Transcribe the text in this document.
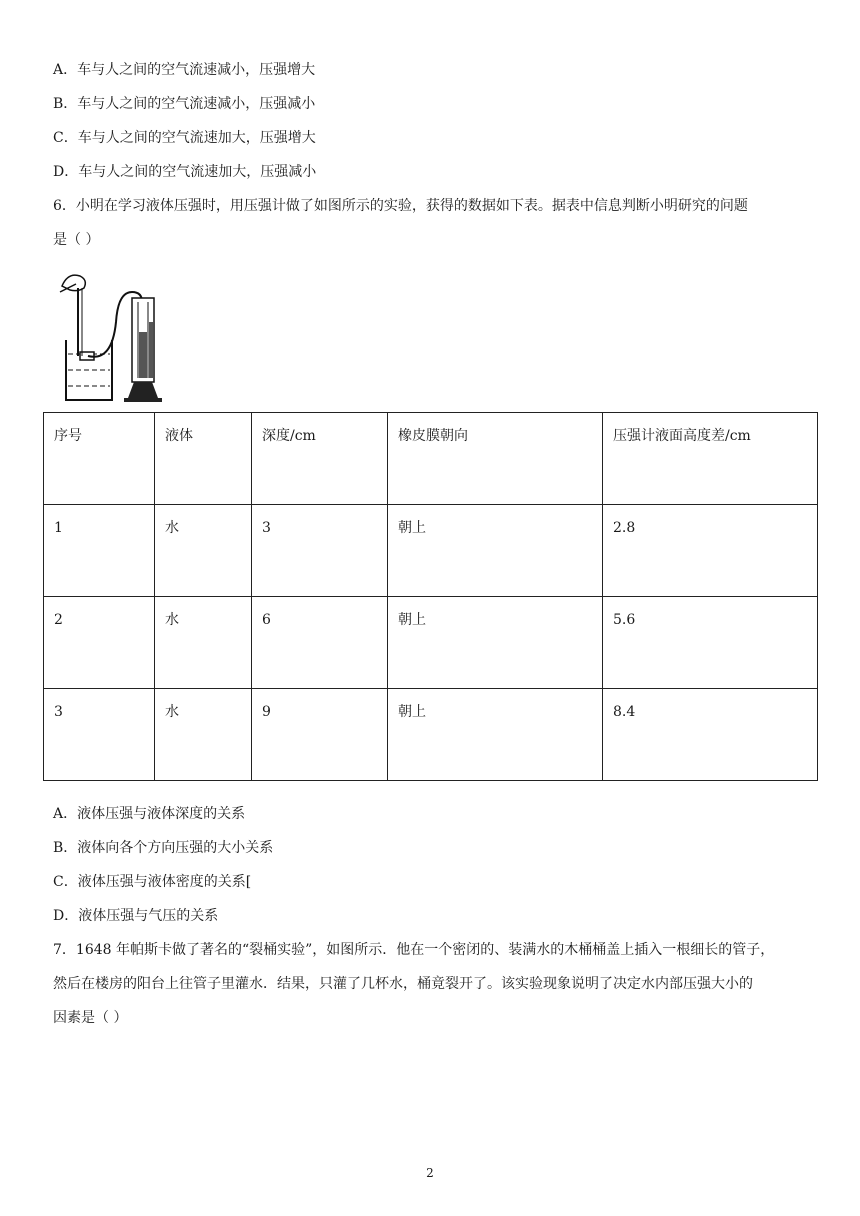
A．车与人之间的空气流速减小，压强增大
B．车与人之间的空气流速减小，压强减小
C．车与人之间的空气流速加大，压强增大
D．车与人之间的空气流速加大，压强减小
6．小明在学习液体压强时，用压强计做了如图所示的实验，获得的数据如下表。据表中信息判断小明研究的问题
是（ ）
序号	液体	深度/cm	橡皮膜朝向	压强计液面高度差/cm
1	水	3	朝上	2.8
2	水	6	朝上	5.6
3	水	9	朝上	8.4
A．液体压强与液体深度的关系
B．液体向各个方向压强的大小关系
C．液体压强与液体密度的关系[
D．液体压强与气压的关系
7．1648 年帕斯卡做了著名的“裂桶实验”，如图所示．他在一个密闭的、装满水的木桶桶盖上插入一根细长的管子，
然后在楼房的阳台上往管子里灌水．结果，只灌了几杯水，桶竟裂开了。该实验现象说明了决定水内部压强大小的
因素是（ ）
2
